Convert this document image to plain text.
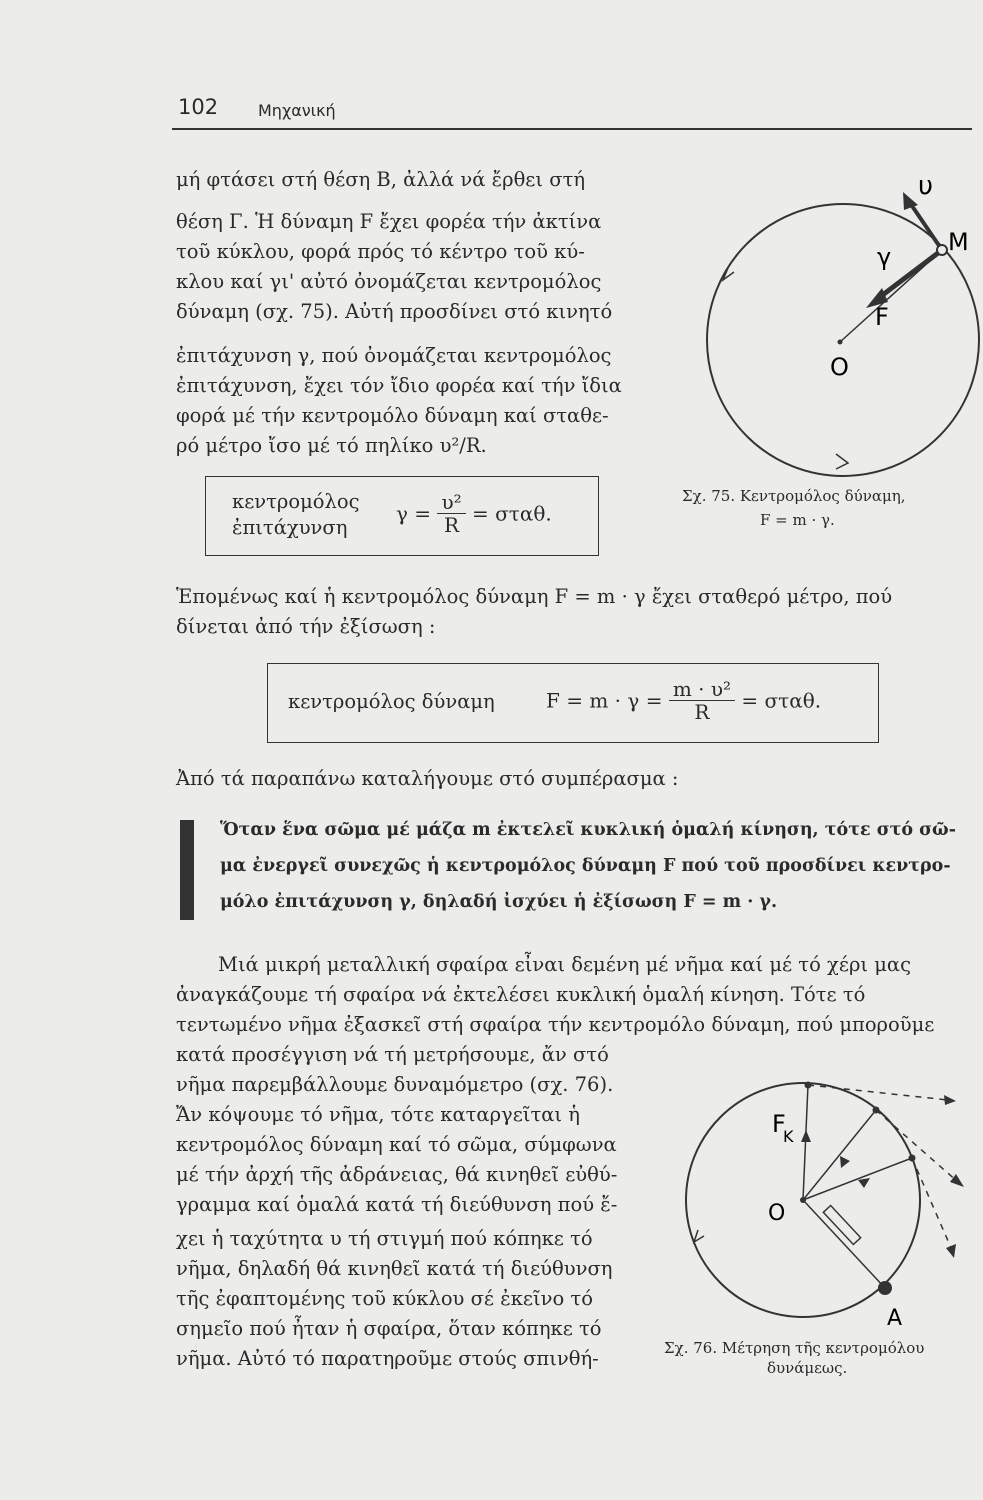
102 Μηχανική

μή φτάσει στή θέση Β, ἀλλά νά ἔρθει στή

θέση Γ. Ἡ δύναμη F ἔχει φορέα τήν ἀκτίνα

τοῦ κύκλου, φορά πρός τό κέντρο τοῦ κύ-

κλου καί γι' αὐτό ὀνομάζεται κεντρομόλος

δύναμη (σχ. 75). Αὐτή προσδίνει στό κινητό

ἐπιτάχυνση γ, πού ὀνομάζεται κεντρομόλος

ἐπιτάχυνση, ἔχει τόν ἴδιο φορέα καί τήν ἴδια

φορά μέ τήν κεντρομόλο δύναμη καί σταθε-

ρό μέτρο ἴσο μέ τό πηλίκο υ²/R.

κεντρομόλος
ἐπιτάχυνση
$\gamma = \frac{\text{υ²}}{R} = \sigma\tau\alpha\theta$.
υ
γ
Μ
F
Ο
Σχ. 75. Κεντρομόλος δύναμη,
F = m · γ.

Ἑπομένως καί ἡ κεντρομόλος δύναμη F = m · γ ἔχει σταθερό μέτρο, πού

δίνεται ἀπό τήν ἐξίσωση :

κεντρομόλος δύναμη	$F = m \cdot \gamma = \frac{\text{m · υ²}}{R} = \sigma\tau\alpha\theta$.

Ἀπό τά παραπάνω καταλήγουμε στό συμπέρασμα :

Ὅταν ἕνα σῶμα μέ μάζα m ἐκτελεῖ κυκλική ὁμαλή κίνηση, τότε στό σῶ-

μα ἐνεργεῖ συνεχῶς ἡ κεντρομόλος δύναμη F πού τοῦ προσδίνει κεντρο-

μόλο ἐπιτάχυνση γ, δηλαδή ἰσχύει ἡ ἐξίσωση F = m · γ.

Μιά μικρή μεταλλική σφαίρα εἶναι δεμένη μέ νῆμα καί μέ τό χέρι μας

ἀναγκάζουμε τή σφαίρα νά ἐκτελέσει κυκλική ὁμαλή κίνηση. Τότε τό

τεντωμένο νῆμα ἐξασκεῖ στή σφαίρα τήν κεντρομόλο δύναμη, πού μποροῦμε

κατά προσέγγιση νά τή μετρήσουμε, ἄν στό

νῆμα παρεμβάλλουμε δυναμόμετρο (σχ. 76).

Ἄν κόψουμε τό νῆμα, τότε καταργεῖται ἡ

κεντρομόλος δύναμη καί τό σῶμα, σύμφωνα

μέ τήν ἀρχή τῆς ἀδράνειας, θά κινηθεῖ εὐθύ-

γραμμα καί ὁμαλά κατά τή διεύθυνση πού ἔ-

χει ἡ ταχύτητα υ τή στιγμή πού κόπηκε τό

νῆμα, δηλαδή θά κινηθεῖ κατά τή διεύθυνση

τῆς ἐφαπτομένης τοῦ κύκλου σέ ἐκεῖνο τό

σημεῖο πού ἦταν ἡ σφαίρα, ὅταν κόπηκε τό

νῆμα. Αὐτό τό παρατηροῦμε στούς σπινθή-

F
K
O
A
Σχ. 76. Μέτρηση τῆς κεντρομόλου
δυνάμεως.
